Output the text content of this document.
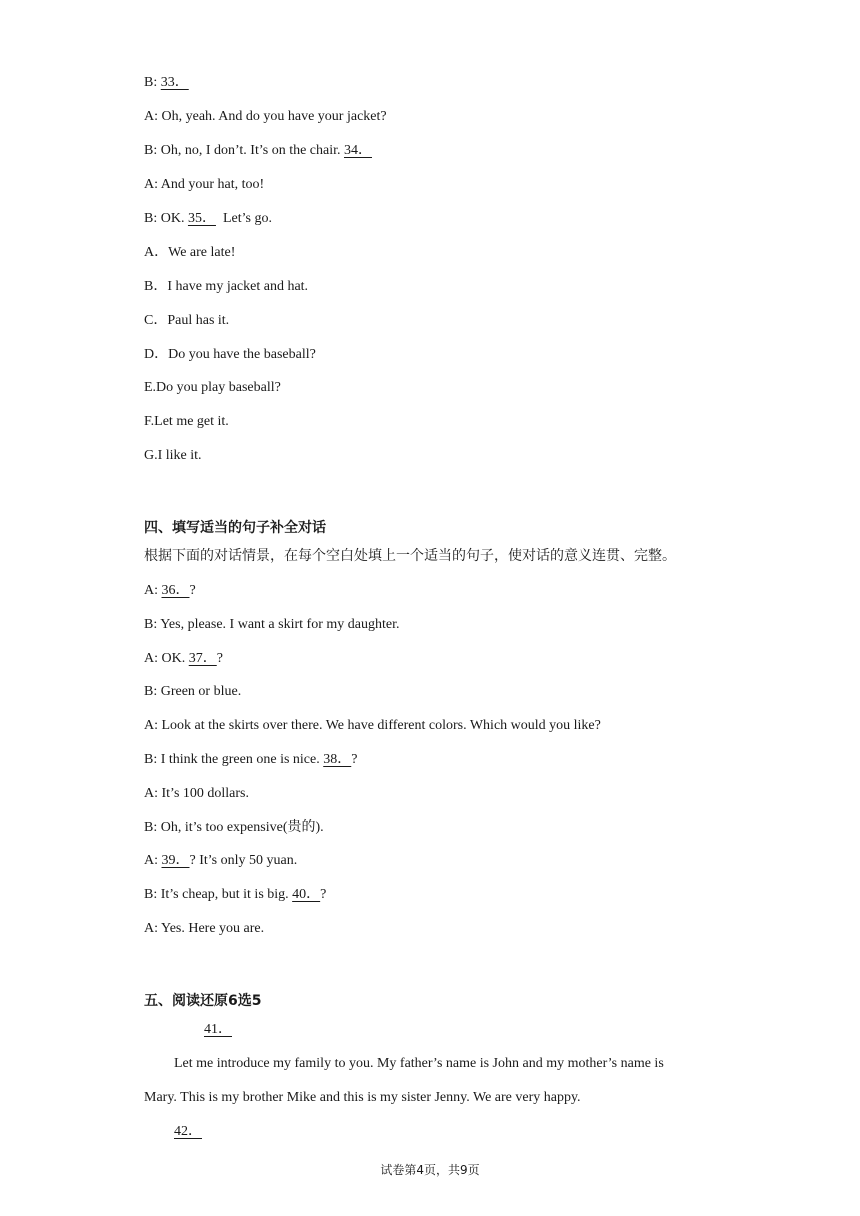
B: 33．
A: Oh, yeah. And do you have your jacket?
B: Oh, no, I don’t. It’s on the chair. 34．
A: And your hat, too!
B: OK. 35．  Let’s go.
A．We are late!
B．I have my jacket and hat.
C．Paul has it.
D．Do you have the baseball?
E.Do you play baseball?
F.Let me get it.
G.I like it.
四、填写适当的句子补全对话
根据下面的对话情景，在每个空白处填上一个适当的句子，使对话的意义连贯、完整。
A: 36．?
B: Yes, please. I want a skirt for my daughter.
A: OK. 37．?
B: Green or blue.
A: Look at the skirts over there. We have different colors. Which would you like?
B: I think the green one is nice. 38．?
A: It’s 100 dollars.
B: Oh, it’s too expensive(贵的).
A: 39．? It’s only 50 yuan.
B: It’s cheap, but it is big. 40．?
A: Yes. Here you are.
五、阅读还原6选5
41．
Let me introduce my family to you. My father’s name is John and my mother’s name is
Mary. This is my brother Mike and this is my sister Jenny. We are very happy.
42．
试卷第4页，共9页
